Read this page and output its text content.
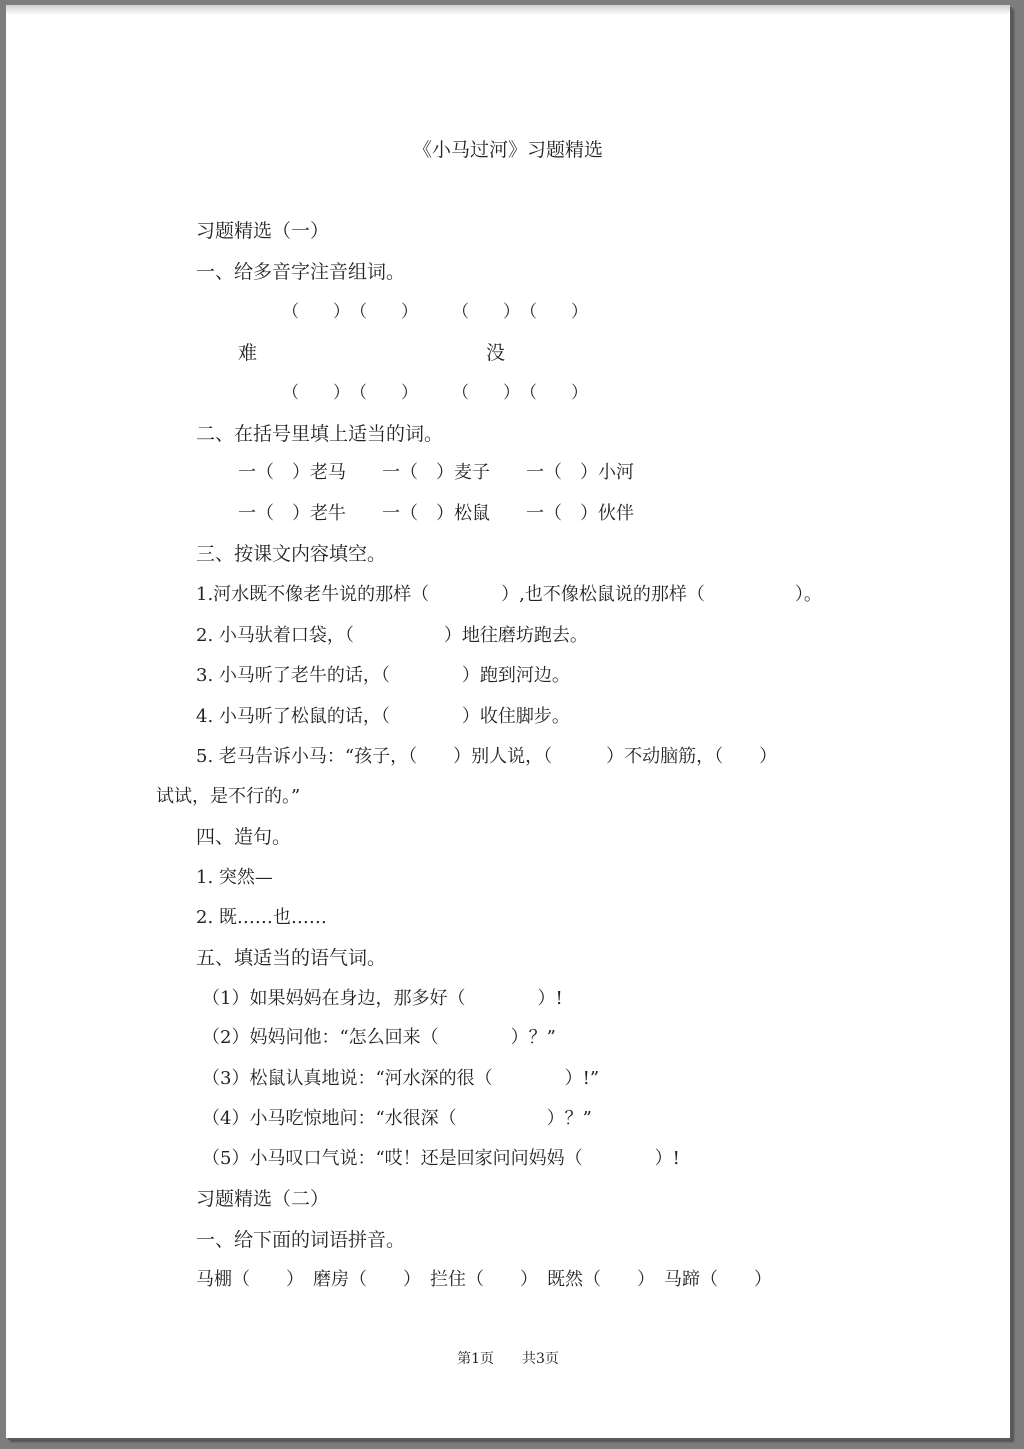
《小马过河》习题精选
习题精选（一）
一、给多音字注音组词。
（　　）　（　　）　　　（　　）　（　　）
难	没
（　　）　（　　）　　　（　　）　（　　）
二、在括号里填上适当的词。
一（　）老马　　一（　）麦子　　一（　）小河
一（　）老牛　　一（　）松鼠　　一（　）伙伴
三、按课文内容填空。
1.河水既不像老牛说的那样（　　　　）,也不像松鼠说的那样（　　　　　）。
2. 小马驮着口袋，（　　　　　）地往磨坊跑去。
3. 小马听了老牛的话，（　　　　）跑到河边。
4. 小马听了松鼠的话，（　　　　）收住脚步。
5. 老马告诉小马：“孩子，（　　）别人说，（　　　）不动脑筋，（　　）
试试，是不行的。”
四、造句。
1. 突然—
2. 既……也……
五、填适当的语气词。
（1）如果妈妈在身边，那多好（　　　　）!
（2）妈妈问他：“怎么回来（　　　　）？”
（3）松鼠认真地说：“河水深的很（　　　　）!”
（4）小马吃惊地问：“水很深（　　　　　）？”
（5）小马叹口气说：“哎！还是回家问问妈妈（　　　　）!
习题精选（二）
一、给下面的词语拼音。
马棚（　　）　磨房（　　）　拦住（　　）　既然（　　）　马蹄（　　）
第1页　　共3页
